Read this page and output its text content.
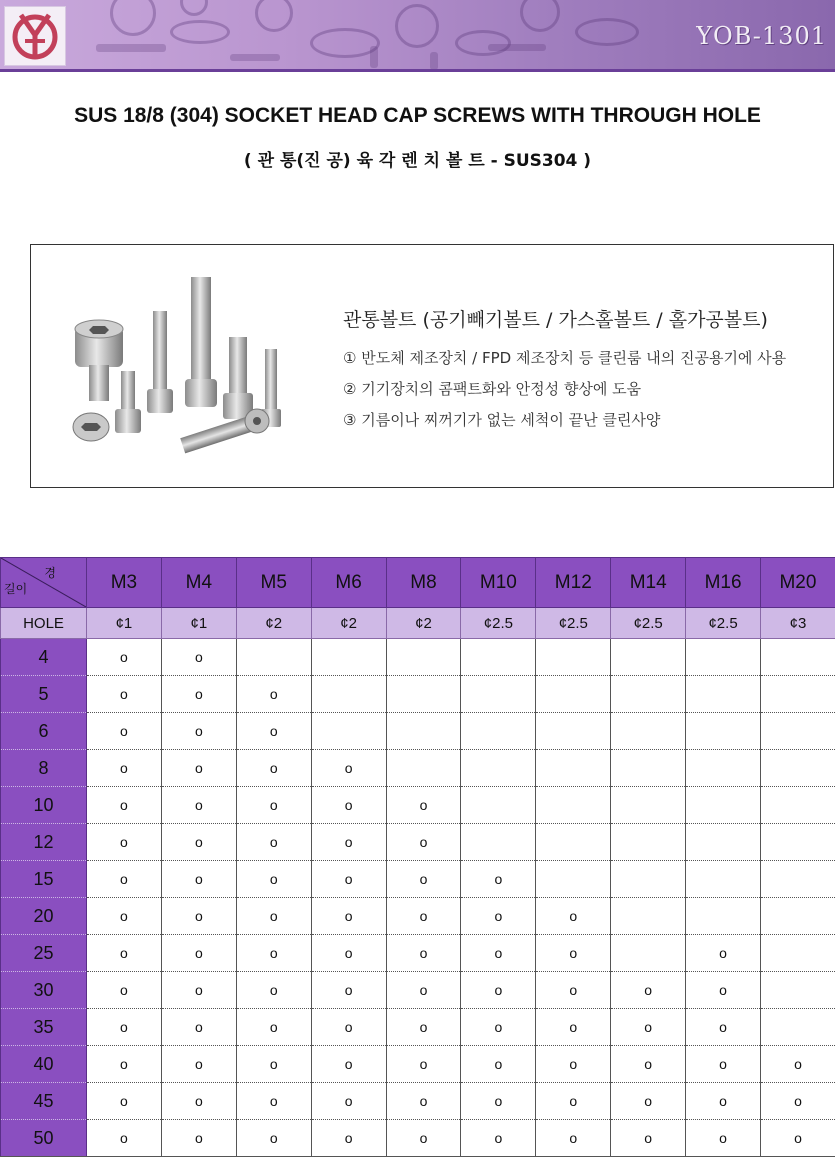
YOB-1301
SUS 18/8 (304) SOCKET HEAD CAP SCREWS WITH THROUGH HOLE
( 관 통(진 공) 육 각 렌 치 볼 트 - SUS304 )
관통볼트 (공기빼기볼트 / 가스홀볼트 / 홀가공볼트)
① 반도체 제조장치 / FPD 제조장치 등 클린룸 내의 진공용기에 사용
② 기기장치의 콤팩트화와 안정성 향상에 도움
③ 기름이나 찌꺼기가 없는 세척이 끝난 클린사양
경
길이	M3	M4	M5	M6	M8	M10	M12	M14	M16	M20
HOLE	¢1	¢1	¢2	¢2	¢2	¢2.5	¢2.5	¢2.5	¢2.5	¢3
4	o	o								
5	o	o	o							
6	o	o	o							
8	o	o	o	o						
10	o	o	o	o	o					
12	o	o	o	o	o					
15	o	o	o	o	o	o				
20	o	o	o	o	o	o	o			
25	o	o	o	o	o	o	o		o	
30	o	o	o	o	o	o	o	o	o	
35	o	o	o	o	o	o	o	o	o	
40	o	o	o	o	o	o	o	o	o	o
45	o	o	o	o	o	o	o	o	o	o
50	o	o	o	o	o	o	o	o	o	o
